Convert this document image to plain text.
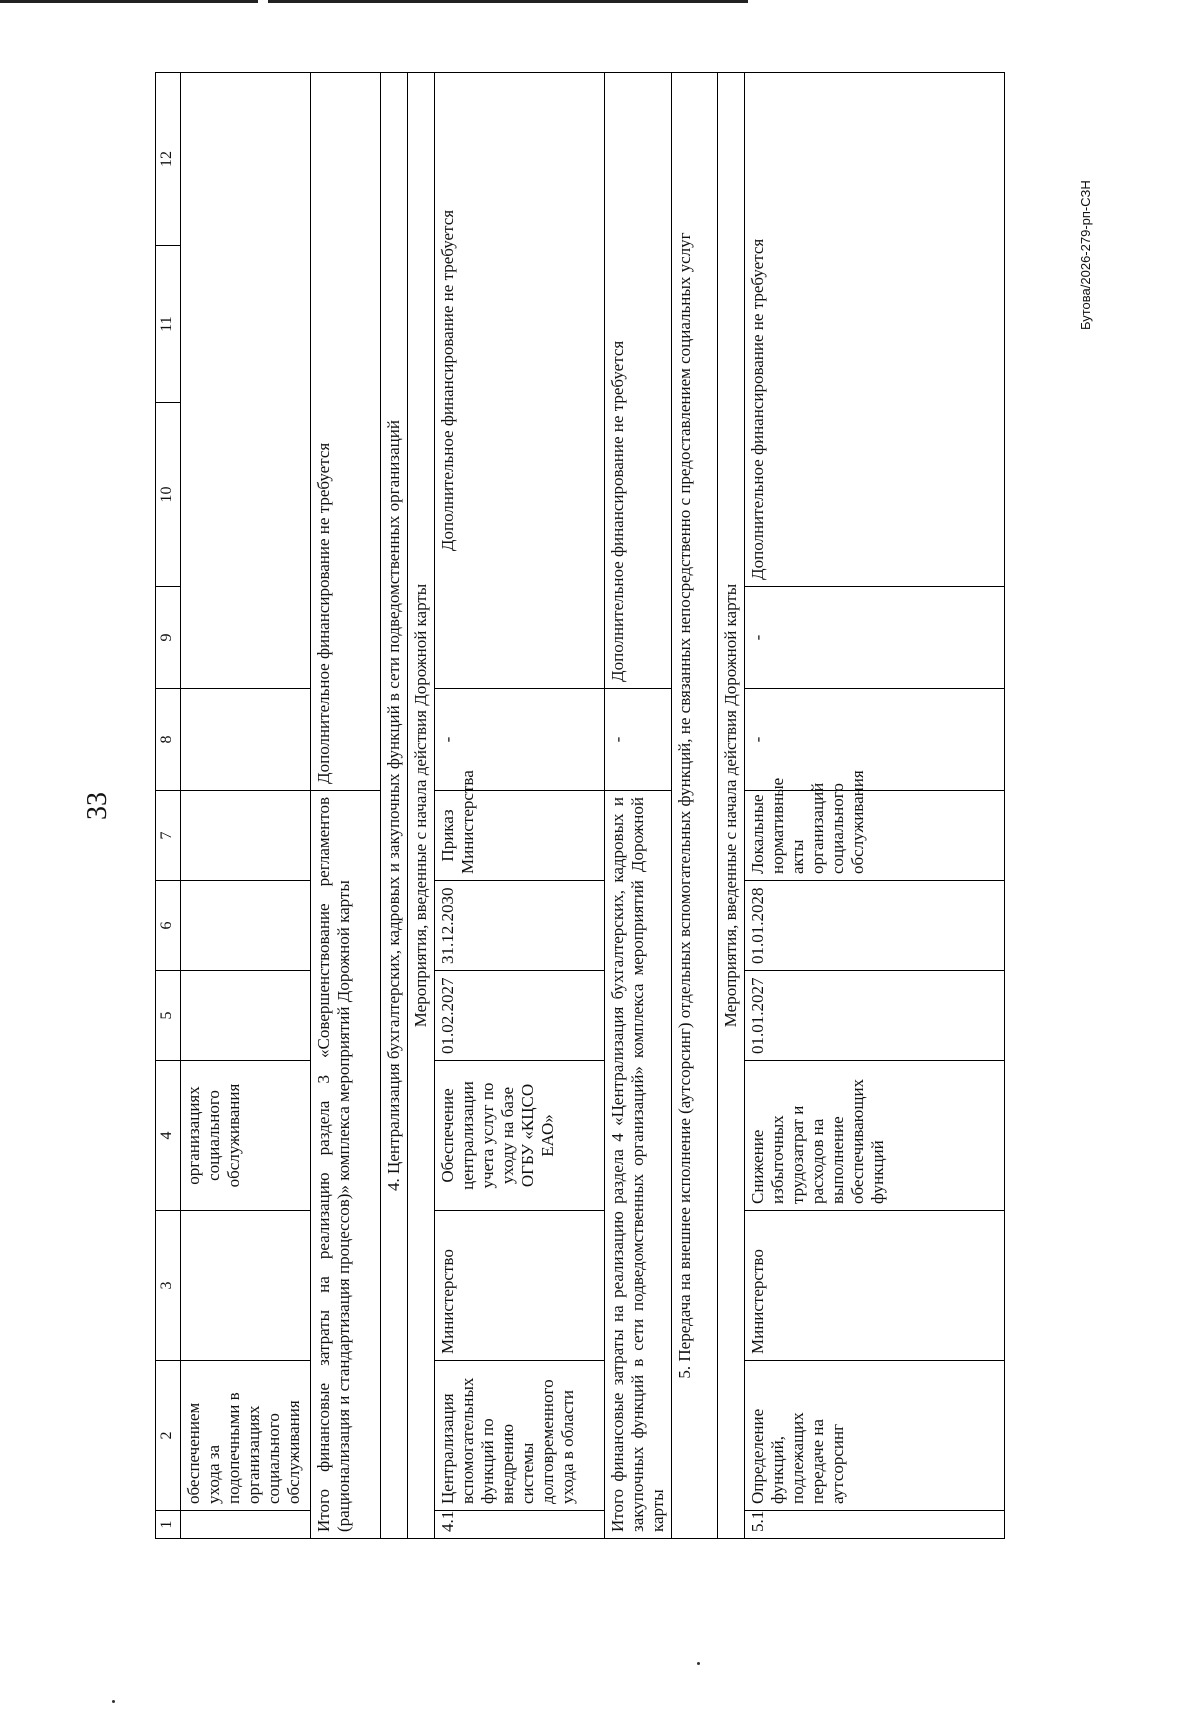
33
1	2	3	4	5	6	7	8	9	10	11	12
	обеспечением ухода за подопечными в организациях социального обслуживания		организациях социального обслуживания								
Итого финансовые затраты на реализацию раздела 3 «Совершенствование регламентов (рационализация и стандартизация процессов)» комплекса мероприятий Дорожной карты							Дополнительное финансирование не требуется				
4. Централизация бухгалтерских, кадровых и закупочных функций в сети подведомственных организаций											
Мероприятия, введенные с начала действия Дорожной карты											
4.1	Централизация вспомогательных функций по внедрению системы долговременного ухода в области	Министерство	Обеспечение централизации учета услуг по уходу на базе ОГБУ «КЦСО ЕАО»	01.02.2027	31.12.2030	Приказ Министерства	-	Дополнительное финансирование не требуется			
Итого финансовые затраты на реализацию раздела 4 «Централизация бухгалтерских, кадровых и закупочных функций в сети подведомственных организаций» комплекса мероприятий Дорожной карты							-	Дополнительное финансирование не требуется			
5. Передача на внешнее исполнение (аутсорсинг) отдельных вспомогательных функций, не связанных непосредственно с предоставлением социальных услуг											
Мероприятия, введенные с начала действия Дорожной карты											
5.1	Определение функций, подлежащих передаче на аутсорсинг	Министерство	Снижение избыточных трудозатрат и расходов на выполнение обеспечивающих функций	01.01.2027	01.01.2028	Локальные нормативные акты организаций социального обслуживания	-	-	Дополнительное финансирование не требуется			Бутова/2026-279-рп-СЗН
